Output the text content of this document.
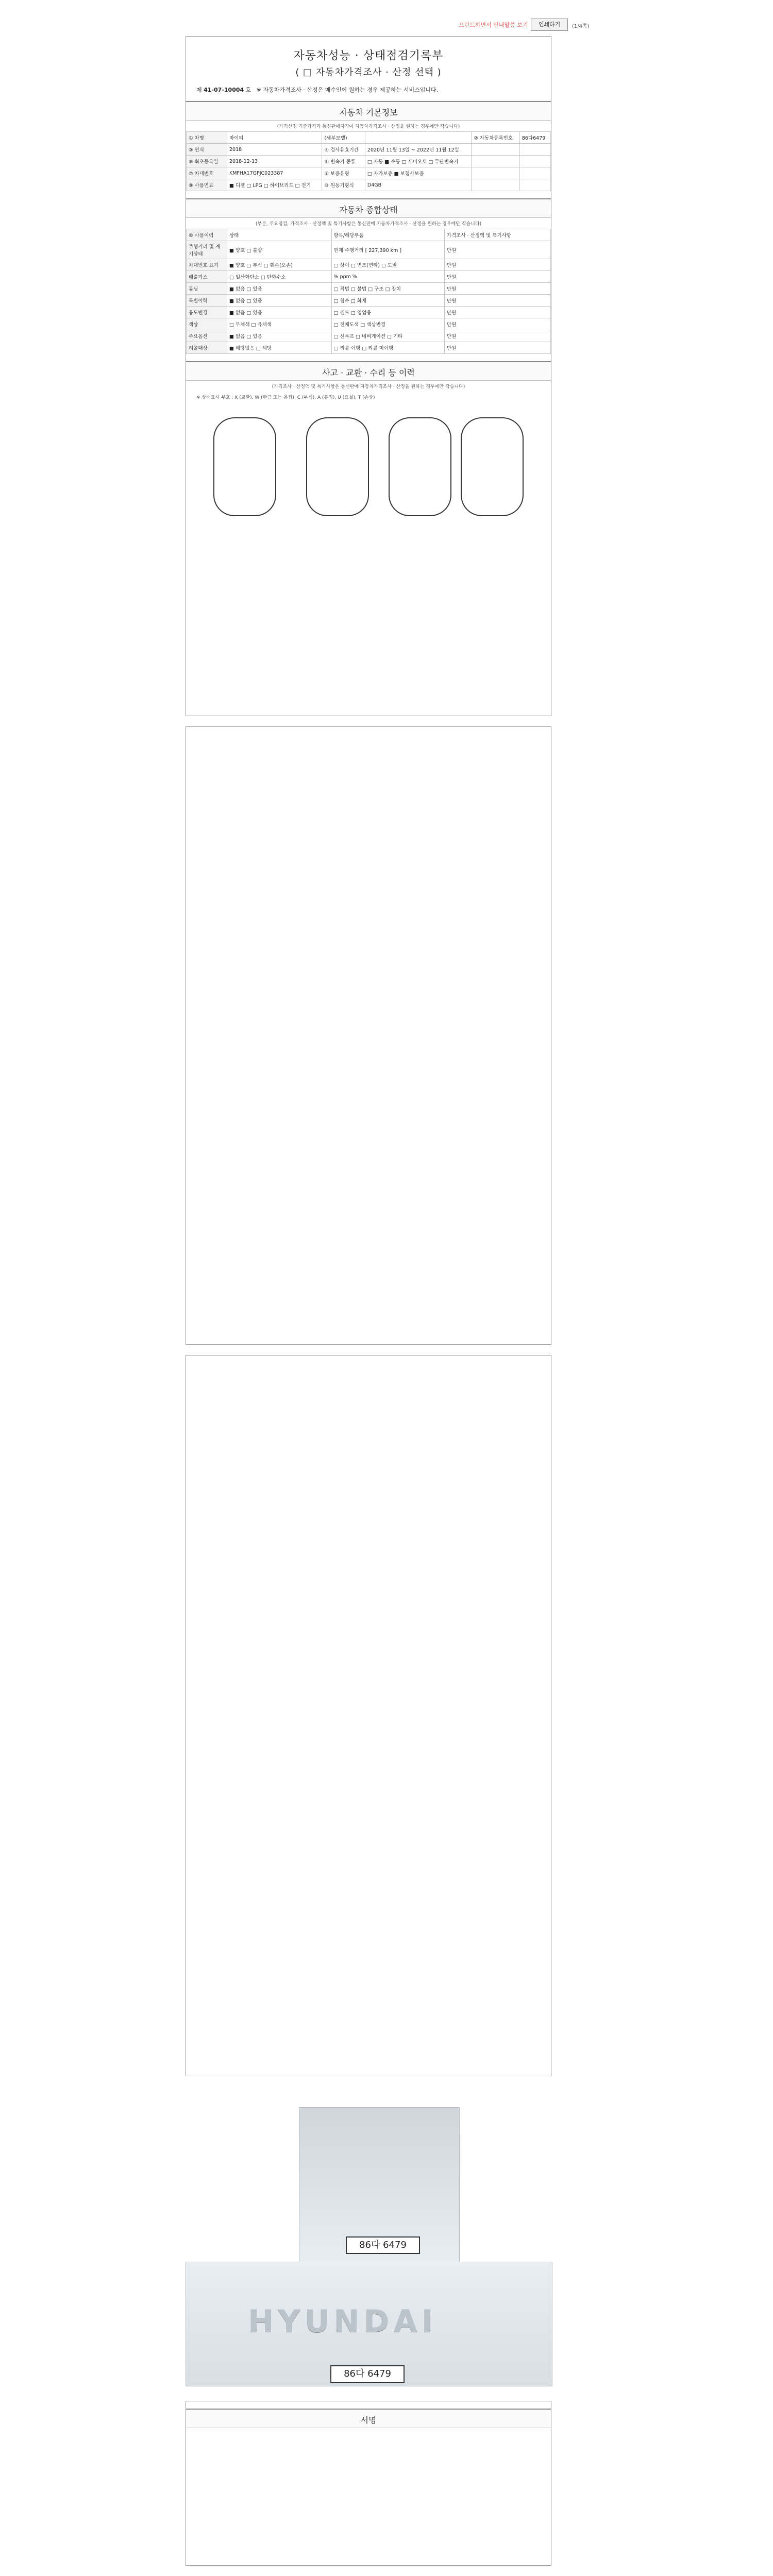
프린트하면서 안내말씀 보기	인쇄하기	(1/4쪽)
자동차성능 · 상태점검기록부
( □ 자동차가격조사 · 산정 선택 )
제 41-07-10004 호 ※ 자동차가격조사 · 산정은 매수인이 원하는 경우 제공하는 서비스입니다.
자동차 기본정보
(가격산정 기준가격과 통신판매자격이 자동차가격조사 · 산정을 원하는 경우에만 작습니다)
① 차명	마이티	(세부모델)		② 자동차등록번호	86다6479
③ 연식	2018	④ 검사유효기간	2020년 11월 13일 ~ 2022년 11월 12일		
⑤ 최초등록일	2018-12-13	⑥ 변속기 종류	□ 자동 ■ 수동 □ 세미오토 □ 무단변속기		
⑦ 차대번호	KMFHA17GPJC023387	⑧ 보증유형	□ 자가보증 ■ 보험사보증		
⑨ 사용연료	■ 디젤 □ LPG □ 하이브리드 □ 전기	⑩ 원동기형식	D4GB		
자동차 종합상태
(부분, 주요점검, 가격조사 · 산정액 및 특기사항은 통신판매 자동차가격조사 · 산정을 원하는 경우에만 작습니다)
⑩ 사용이력	상태	항목/해당부품	가격조사 · 산정액 및 특기사항
주행거리 및 계기상태	■ 양호 □ 불량	현재 주행거리 [ 227,390 km ]	만원
차대번호 표기	■ 양호 □ 부식 □ 훼손(오손)	□ 상이 □ 변조(변타) □ 도말	만원
배출가스	□ 일산화탄소 □ 탄화수소	% ppm %	만원
튜닝	■ 없음 □ 있음	□ 적법 □ 불법 □ 구조 □ 장치	만원
특별이력	■ 없음 □ 있음	□ 침수 □ 화재	만원
용도변경	■ 없음 □ 있음	□ 렌트 □ 영업용	만원
색상	□ 무채색 □ 유채색	□ 전체도색 □ 색상변경	만원
주요옵션	■ 없음 □ 있음	□ 선루프 □ 네비게이션 □ 기타	만원
리콜대상	■ 해당없음 □ 해당	□ 리콜 이행 □ 리콜 미이행	만원
사고 · 교환 · 수리 등 이력
(가격조사 · 산정액 및 특기사항은 통신판매 자동차가격조사 · 산정을 원하는 경우에만 작습니다)
※ 상태표시 부호 : X (교환), W (판금 또는 용접), C (부식), A (흠집), U (요철), T (손상)
86다 6479
HYUNDAI
86다 6479
서명
